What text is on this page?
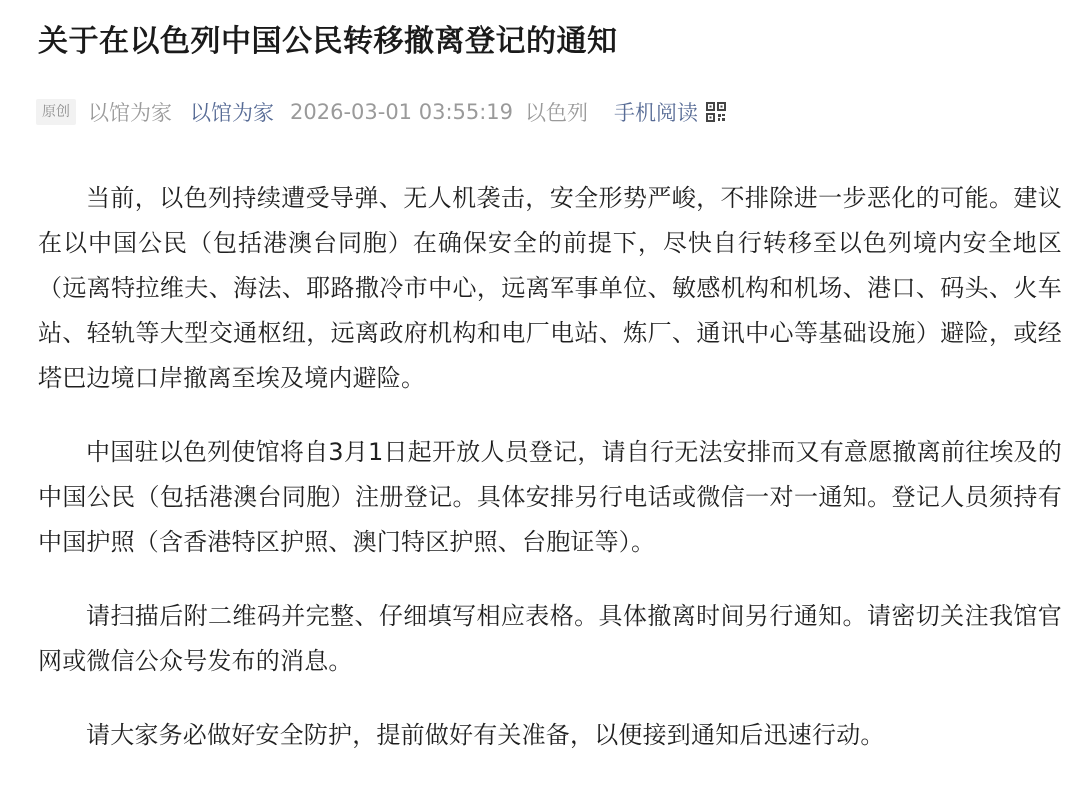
关于在以色列中国公民转移撤离登记的通知
原创 以馆为家 以馆为家 2026-03-01 03:55:19 以色列 手机阅读

当前，以色列持续遭受导弹、无人机袭击，安全形势严峻，不排除进一步恶化的可能。建议在以中国公民（包括港澳台同胞）在确保安全的前提下，尽快自行转移至以色列境内安全地区（远离特拉维夫、海法、耶路撒冷市中心，远离军事单位、敏感机构和机场、港口、码头、火车站、轻轨等大型交通枢纽，远离政府机构和电厂电站、炼厂、通讯中心等基础设施）避险，或经塔巴边境口岸撤离至埃及境内避险。

中国驻以色列使馆将自3月1日起开放人员登记，请自行无法安排而又有意愿撤离前往埃及的中国公民（包括港澳台同胞）注册登记。具体安排另行电话或微信一对一通知。登记人员须持有中国护照（含香港特区护照、澳门特区护照、台胞证等）。

请扫描后附二维码并完整、仔细填写相应表格。具体撤离时间另行通知。请密切关注我馆官网或微信公众号发布的消息。

请大家务必做好安全防护，提前做好有关准备，以便接到通知后迅速行动。
